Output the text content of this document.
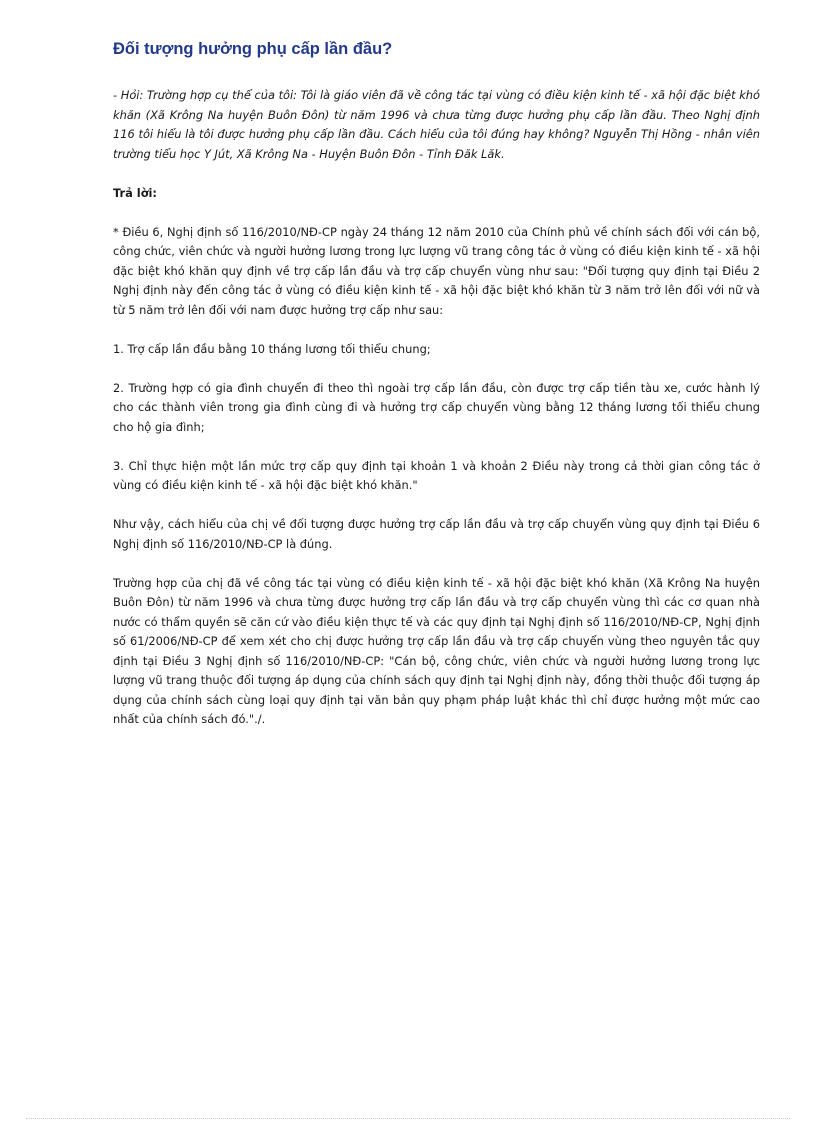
Đối tượng hưởng phụ cấp lần đầu?

- Hỏi: Trường hợp cụ thể của tôi: Tôi là giáo viên đã về công tác tại vùng có điều kiện kinh tế - xã hội đặc biệt khó khăn (Xã Krông Na huyện Buôn Đôn) từ năm 1996 và chưa từng được hưởng phụ cấp lần đầu. Theo Nghị định 116 tôi hiểu là tôi được hưởng phụ cấp lần đầu. Cách hiểu của tôi đúng hay không? Nguyễn Thị Hồng - nhân viên trường tiểu học Y Jút, Xã Krông Na - Huyện Buôn Đôn - Tỉnh Đăk Lăk.

Trả lời:

* Điều 6, Nghị định số 116/2010/NĐ-CP ngày 24 tháng 12 năm 2010 của Chính phủ về chính sách đối với cán bộ, công chức, viên chức và người hưởng lương trong lực lượng vũ trang công tác ở vùng có điều kiện kinh tế - xã hội đặc biệt khó khăn quy định về trợ cấp lần đầu và trợ cấp chuyển vùng như sau: "Đối tượng quy định tại Điều 2 Nghị định này đến công tác ở vùng có điều kiện kinh tế - xã hội đặc biệt khó khăn từ 3 năm trở lên đối với nữ và từ 5 năm trở lên đối với nam được hưởng trợ cấp như sau:

1. Trợ cấp lần đầu bằng 10 tháng lương tối thiểu chung;

2. Trường hợp có gia đình chuyển đi theo thì ngoài trợ cấp lần đầu, còn được trợ cấp tiền tàu xe, cước hành lý cho các thành viên trong gia đình cùng đi và hưởng trợ cấp chuyển vùng bằng 12 tháng lương tối thiểu chung cho hộ gia đình;

3. Chỉ thực hiện một lần mức trợ cấp quy định tại khoản 1 và khoản 2 Điều này trong cả thời gian công tác ở vùng có điều kiện kinh tế - xã hội đặc biệt khó khăn."

Như vậy, cách hiểu của chị về đối tượng được hưởng trợ cấp lần đầu và trợ cấp chuyển vùng quy định tại Điều 6 Nghị định số 116/2010/NĐ-CP là đúng.

Trường hợp của chị đã về công tác tại vùng có điều kiện kinh tế - xã hội đặc biệt khó khăn (Xã Krông Na huyện Buôn Đôn) từ năm 1996 và chưa từng được hưởng trợ cấp lần đầu và trợ cấp chuyển vùng thì các cơ quan nhà nước có thẩm quyền sẽ căn cứ vào điều kiện thực tế và các quy định tại Nghị định số 116/2010/NĐ-CP, Nghị định số 61/2006/NĐ-CP để xem xét cho chị được hưởng trợ cấp lần đầu và trợ cấp chuyển vùng theo nguyên tắc quy định tại Điều 3 Nghị định số 116/2010/NĐ-CP: "Cán bộ, công chức, viên chức và người hưởng lương trong lực lượng vũ trang thuộc đối tượng áp dụng của chính sách quy định tại Nghị định này, đồng thời thuộc đối tượng áp dụng của chính sách cùng loại quy định tại văn bản quy phạm pháp luật khác thì chỉ được hưởng một mức cao nhất của chính sách đó."./.
